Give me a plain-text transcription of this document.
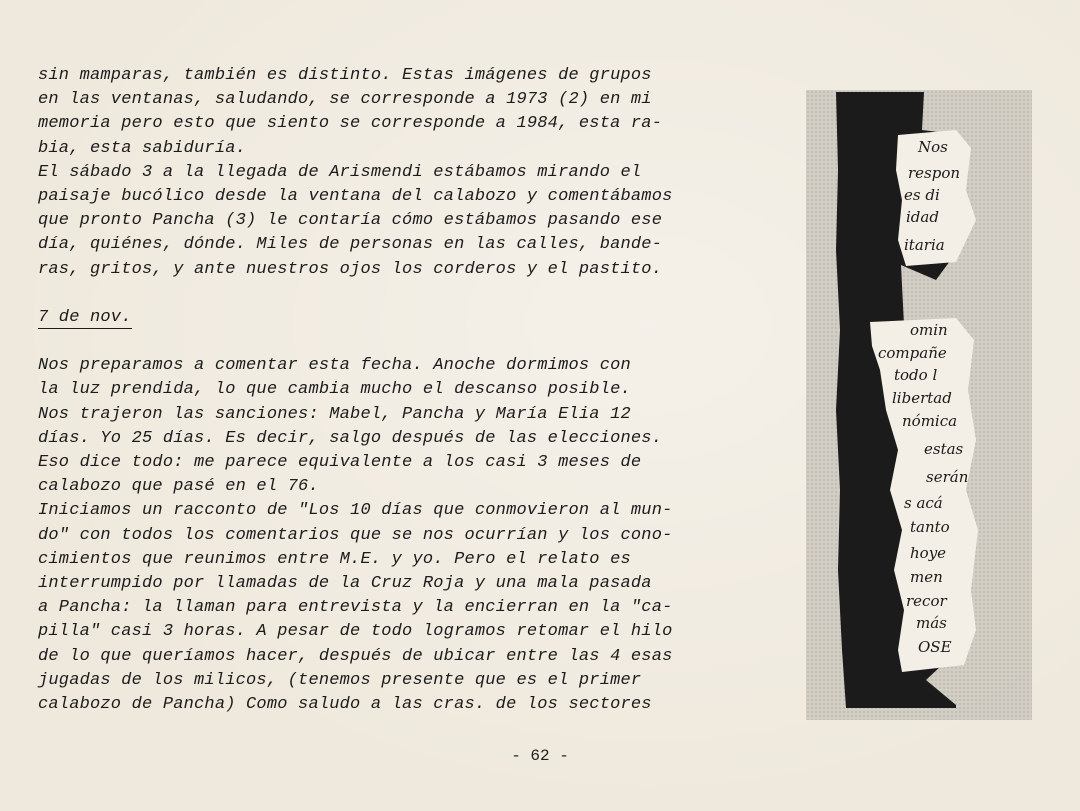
sin mamparas, también es distinto. Estas imágenes de grupos
en las ventanas, saludando, se corresponde a 1973 (2) en mi
memoria pero esto que siento se corresponde a 1984, esta ra-
bia, esta sabiduría.
El sábado 3 a la llegada de Arismendi estábamos mirando el
paisaje bucólico desde la ventana del calabozo y comentábamos
que pronto Pancha (3) le contaría cómo estábamos pasando ese
día, quiénes, dónde. Miles de personas en las calles, bande-
ras, gritos, y ante nuestros ojos los corderos y el pastito.
7 de nov.
Nos preparamos a comentar esta fecha. Anoche dormimos con
la luz prendida, lo que cambia mucho el descanso posible.
Nos trajeron las sanciones: Mabel, Pancha y María Elia 12
días. Yo 25 días. Es decir, salgo después de las elecciones.
Eso dice todo: me parece equivalente a los casi 3 meses de
calabozo que pasé en el 76.
Iniciamos un racconto de "Los 10 días que conmovieron al mun-
do" con todos los comentarios que se nos ocurrían y los cono-
cimientos que reunimos entre M.E. y yo. Pero el relato es
interrumpido por llamadas de la Cruz Roja y una mala pasada
a Pancha: la llaman para entrevista y la encierran en la "ca-
pilla" casi 3 horas. A pesar de todo logramos retomar el hilo
de lo que queríamos hacer, después de ubicar entre las 4 esas
jugadas de los milicos, (tenemos presente que es el primer
calabozo de Pancha) Como saludo a las cras. de los sectores
Nos
respon
es di
idad
itaria
omin
compañe
todo l
libertad
nómica
estas
serán
s acá
tanto
hoye
men
recor
más
OSE
- 62 -
